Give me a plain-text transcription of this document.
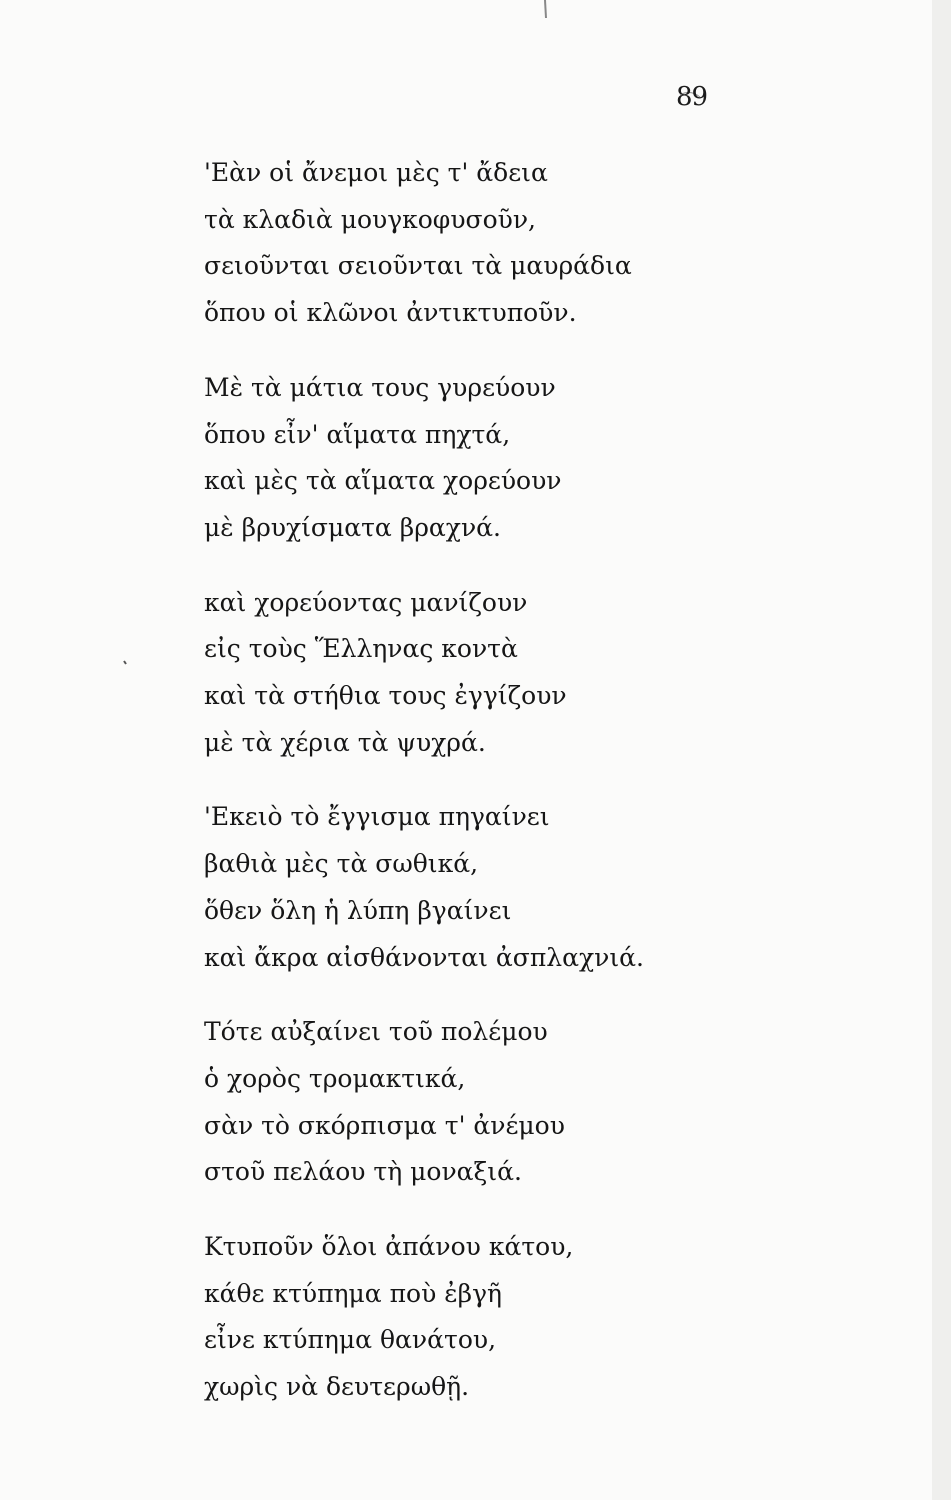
89
'Εὰν οἱ ἄνεμοι μὲς τ' ἄδεια
τὰ κλαδιὰ μουγκοφυσοῦν,
σειοῦνται σειοῦνται τὰ μαυράδια
ὅπου οἱ κλῶνοι ἀντικτυποῦν.
Μὲ τὰ μάτια τους γυρεύουν
ὅπου εἶν' αἵματα πηχτά,
καὶ μὲς τὰ αἵματα χορεύουν
μὲ βρυχίσματα βραχνά.
καὶ χορεύοντας μανίζουν
εἰς τοὺς Ἕλληνας κοντὰ
καὶ τὰ στήθια τους ἐγγίζουν
μὲ τὰ χέρια τὰ ψυχρά.
'Εκειὸ τὸ ἔγγισμα πηγαίνει
βαθιὰ μὲς τὰ σωθικά,
ὅθεν ὅλη ἡ λύπη βγαίνει
καὶ ἄκρα αἰσθάνονται ἀσπλαχνιά.
Τότε αὐξαίνει τοῦ πολέμου
ὁ χορὸς τρομακτικά,
σὰν τὸ σκόρπισμα τ' ἀνέμου
στοῦ πελάου τὴ μοναξιά.
Κτυποῦν ὅλοι ἀπάνου κάτου,
κάθε κτύπημα ποὺ ἐβγῆ
εἶνε κτύπημα θανάτου,
χωρὶς νὰ δευτερωθῇ.
